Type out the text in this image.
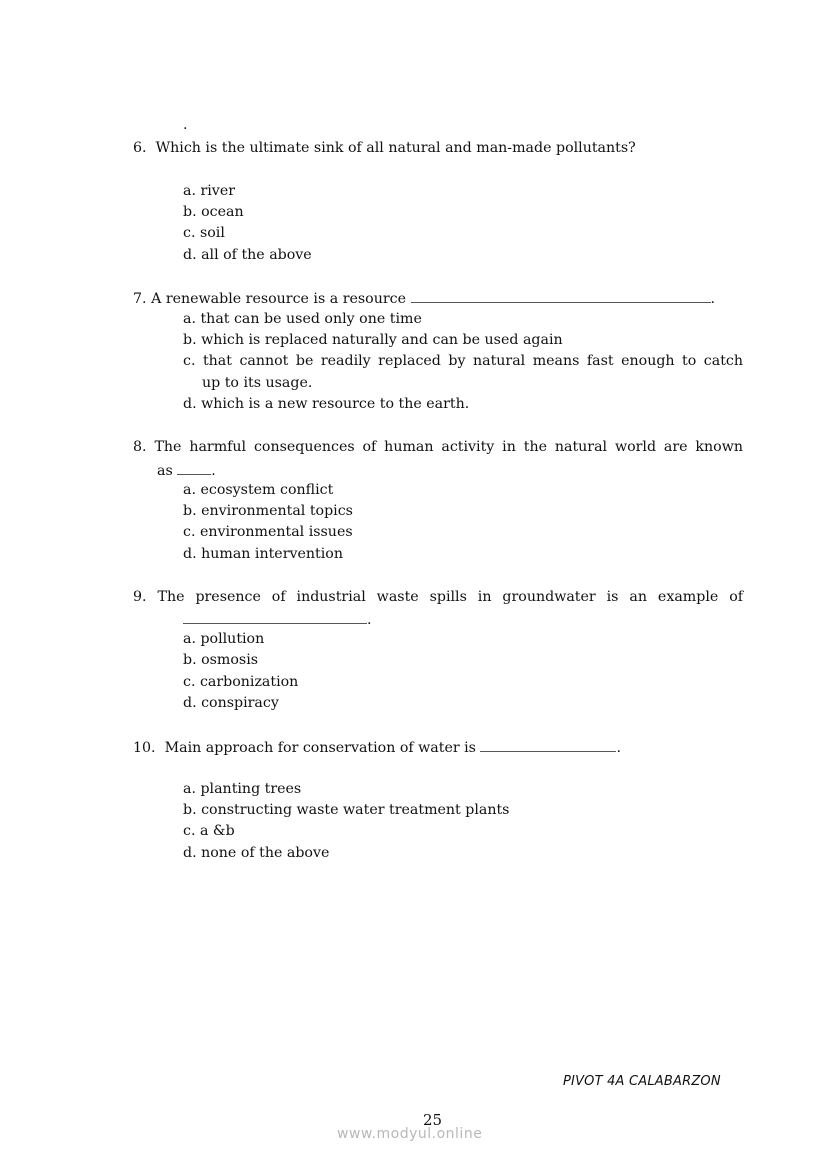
.
6. Which is the ultimate sink of all natural and man-made pollutants?
a. river
b. ocean
c. soil
d. all of the above
7. A renewable resource is a resource	.
a. that can be used only one time
b. which is replaced naturally and can be used again
c. that cannot be readily replaced by natural means fast enough to catch
up to its usage.
d. which is a new resource to the earth.
8. The harmful consequences of human activity in the natural world are known
as	.
a. ecosystem conflict
b. environmental topics
c. environmental issues
d. human intervention
9. The presence of industrial waste spills in groundwater is an example of
.
a. pollution
b. osmosis
c. carbonization
d. conspiracy
10. Main approach for conservation of water is	.
a. planting trees
b. constructing waste water treatment plants
c. a &b
d. none of the above
PIVOT 4A CALABARZON
25
www.modyul.online
